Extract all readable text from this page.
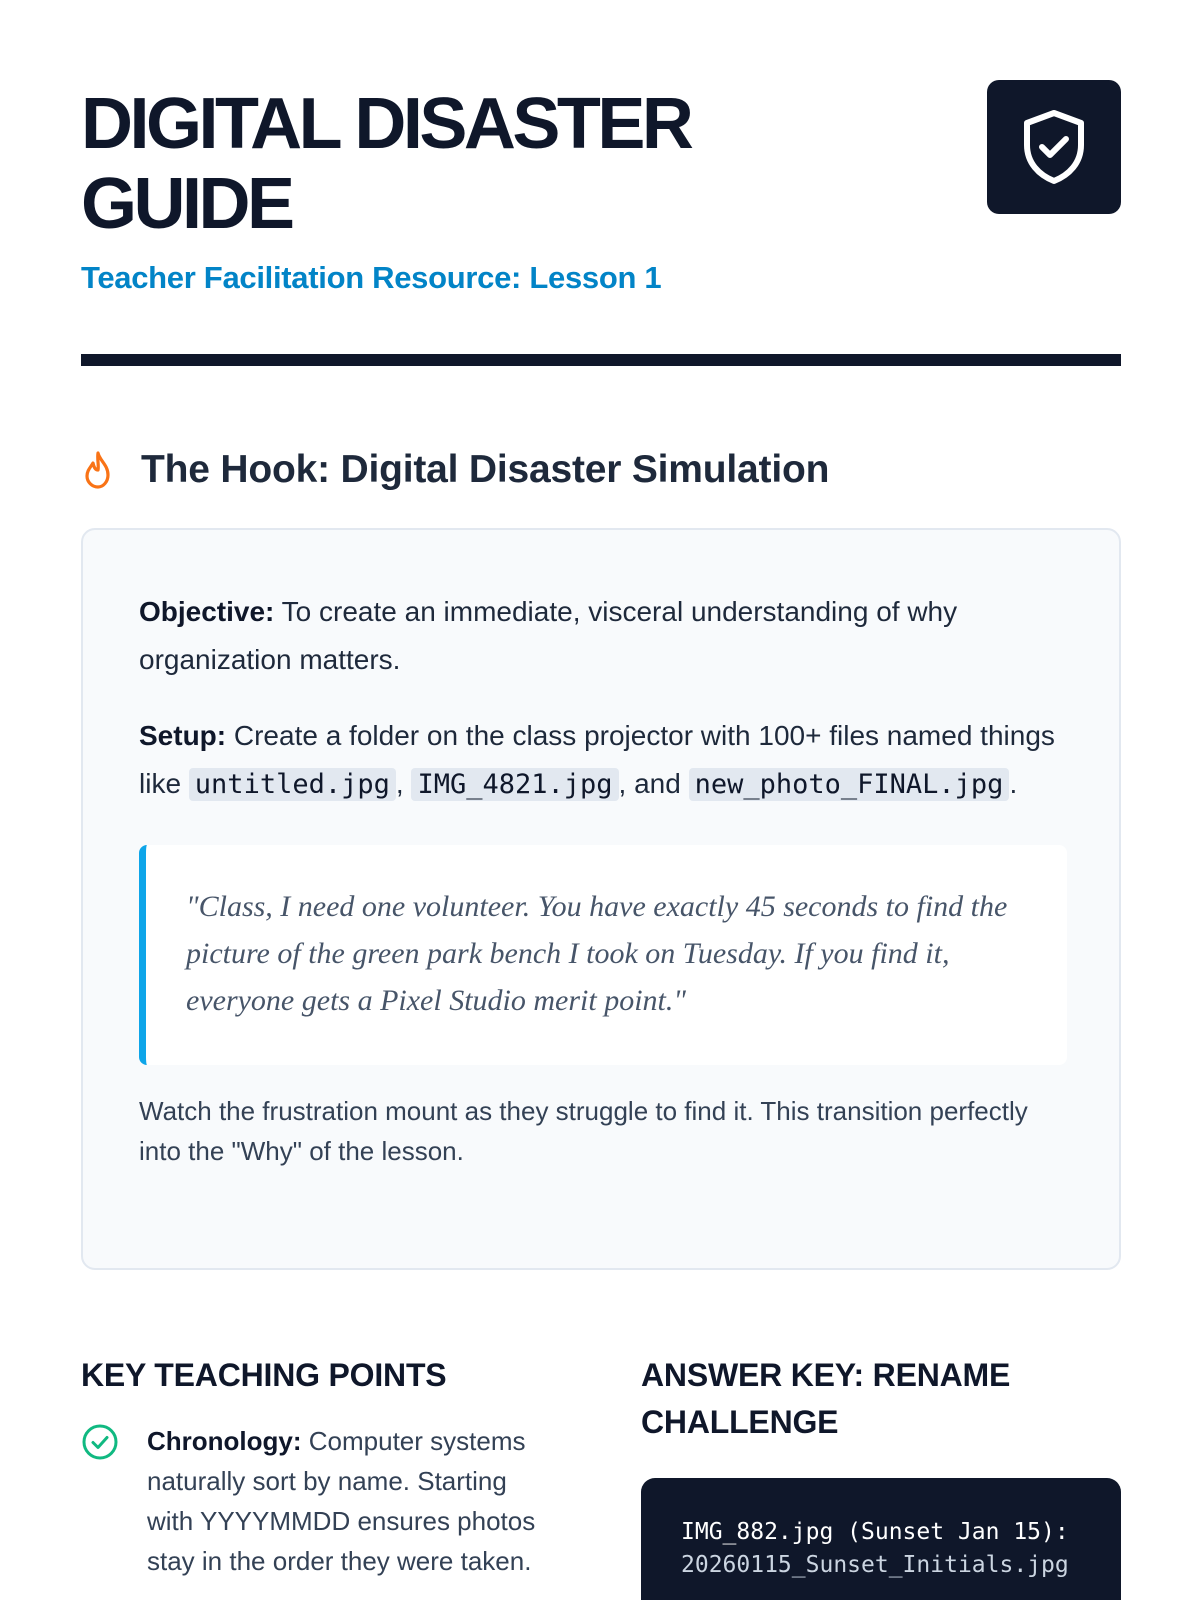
DIGITAL DISASTER GUIDE
Teacher Facilitation Resource: Lesson 1
The Hook: Digital Disaster Simulation

Objective: To create an immediate, visceral understanding of why organization matters.

Setup: Create a folder on the class projector with 100+ files named things like untitled.jpg , IMG_4821.jpg , and new_photo_FINAL.jpg .

"Class, I need one volunteer. You have exactly 45 seconds to find the picture of the green park bench I took on Tuesday. If you find it, everyone gets a Pixel Studio merit point."

Watch the frustration mount as they struggle to find it. This transition perfectly into the "Why" of the lesson.

KEY TEACHING POINTS

Chronology: Computer systems naturally sort by name. Starting with YYYYMMDD ensures photos stay in the order they were taken.

ANSWER KEY: RENAME CHALLENGE
IMG_882.jpg (Sunset Jan 15):
20260115_Sunset_Initials.jpg
